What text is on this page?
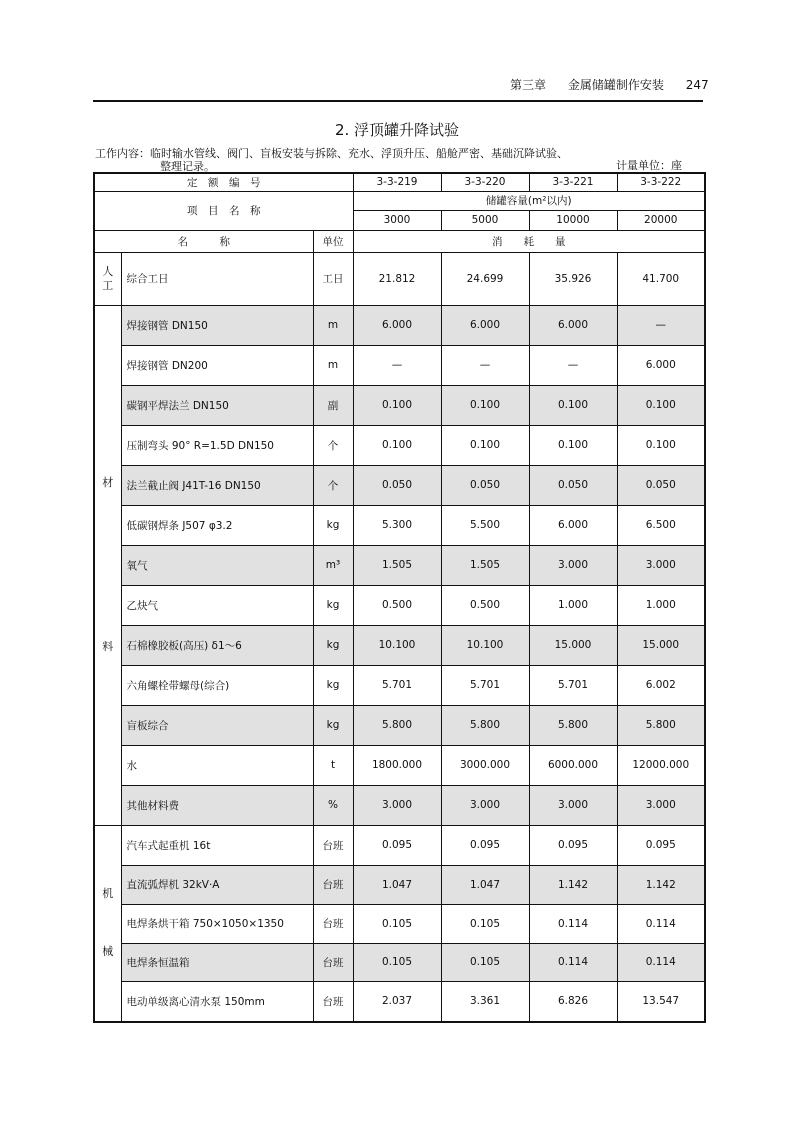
第三章 金属储罐制作安装 247
2. 浮顶罐升降试验
工作内容：临时输水管线、阀门、盲板安装与拆除、充水、浮顶升压、船舱严密、基础沉降试验、
整理记录。	计量单位：座
定　额　编　号			3-3-219	3-3-220	3-3-221	3-3-222
项　目　名　称			储罐容量(m²以内)			
			3000	5000	10000	20000
名　　　称		单位	消　　耗　　量			

人
工	综合工日	工日	21.812	24.699	35.926	41.700

材
料	焊接钢管 DN150	m	6.000	6.000	6.000	—
	焊接钢管 DN200	m	—	—	—	6.000
	碳钢平焊法兰 DN150	副	0.100	0.100	0.100	0.100
	压制弯头 90° R=1.5D DN150	个	0.100	0.100	0.100	0.100
	法兰截止阀 J41T-16 DN150	个	0.050	0.050	0.050	0.050
	低碳钢焊条 J507 φ3.2	kg	5.300	5.500	6.000	6.500
	氧气	m³	1.505	1.505	3.000	3.000
	乙炔气	kg	0.500	0.500	1.000	1.000
	石棉橡胶板(高压) δ1～6	kg	10.100	10.100	15.000	15.000
	六角螺栓带螺母(综合)	kg	5.701	5.701	5.701	6.002
	盲板综合	kg	5.800	5.800	5.800	5.800
	水	t	1800.000	3000.000	6000.000	12000.000
	其他材料费	%	3.000	3.000	3.000	3.000

机
械	汽车式起重机 16t	台班	0.095	0.095	0.095	0.095
	直流弧焊机 32kV·A	台班	1.047	1.047	1.142	1.142
	电焊条烘干箱 750×1050×1350	台班	0.105	0.105	0.114	0.114
	电焊条恒温箱	台班	0.105	0.105	0.114	0.114
	电动单级离心清水泵 150mm	台班	2.037	3.361	6.826	13.547
